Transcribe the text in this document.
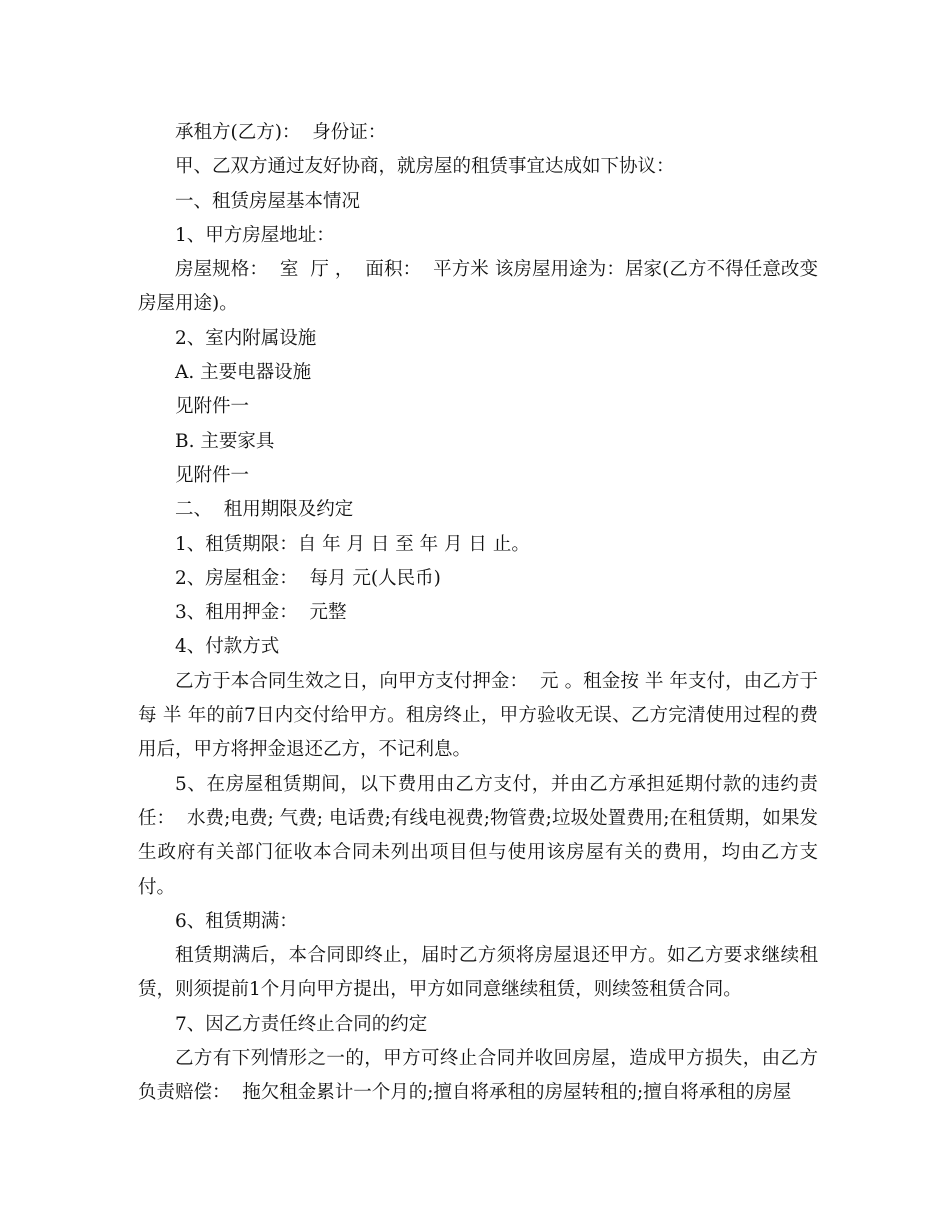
承租方(乙方)：  身份证：

甲、乙双方通过友好协商，就房屋的租赁事宜达成如下协议：

一、租赁房屋基本情况

1、甲方房屋地址：

房屋规格：  室  厅 ，  面积：  平方米 该房屋用途为：居家(乙方不得任意改变房屋用途)。

2、室内附属设施

A. 主要电器设施

见附件一

B. 主要家具

见附件一

二、  租用期限及约定

1、租赁期限：自 年 月 日 至 年 月 日 止。

2、房屋租金：  每月 元(人民币)

3、租用押金：  元整

4、付款方式

乙方于本合同生效之日，向甲方支付押金：  元 。租金按 半 年支付，由乙方于每 半 年的前7日内交付给甲方。租房终止，甲方验收无误、乙方完清使用过程的费用后，甲方将押金退还乙方，不记利息。

5、在房屋租赁期间，以下费用由乙方支付，并由乙方承担延期付款的违约责任：  水费;电费; 气费; 电话费;有线电视费;物管费;垃圾处置费用;在租赁期，如果发生政府有关部门征收本合同未列出项目但与使用该房屋有关的费用，均由乙方支付。

6、租赁期满：

租赁期满后，本合同即终止，届时乙方须将房屋退还甲方。如乙方要求继续租赁，则须提前1个月向甲方提出，甲方如同意继续租赁，则续签租赁合同。

7、因乙方责任终止合同的约定

乙方有下列情形之一的，甲方可终止合同并收回房屋，造成甲方损失，由乙方负责赔偿：  拖欠租金累计一个月的;擅自将承租的房屋转租的;擅自将承租的房屋
